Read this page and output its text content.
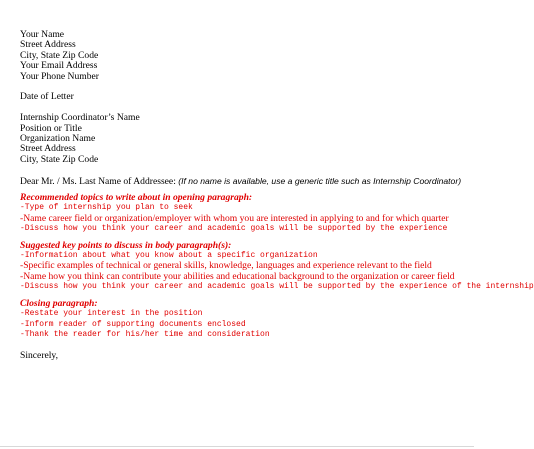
Your Name
Street Address
City, State Zip Code
Your Email Address
Your Phone Number
Date of Letter
Internship Coordinator’s Name
Position or Title
Organization Name
Street Address
City, State Zip Code
Dear Mr. / Ms. Last Name of Addressee: (If no name is available, use a generic title such as Internship Coordinator)
Recommended topics to write about in opening paragraph:
-Type of internship you plan to seek
-Name career field or organization/employer with whom you are interested in applying to and for which quarter
-Discuss how you think your career and academic goals will be supported by the experience
Suggested key points to discuss in body paragraph(s):
-Information about what you know about a specific organization
-Specific examples of technical or general skills, knowledge, languages and experience relevant to the field
-Name how you think can contribute your abilities and educational background to the organization or career field
-Discuss how you think your career and academic goals will be supported by the experience of the internship
Closing paragraph:
-Restate your interest in the position
-Inform reader of supporting documents enclosed
-Thank the reader for his/her time and consideration
Sincerely,
